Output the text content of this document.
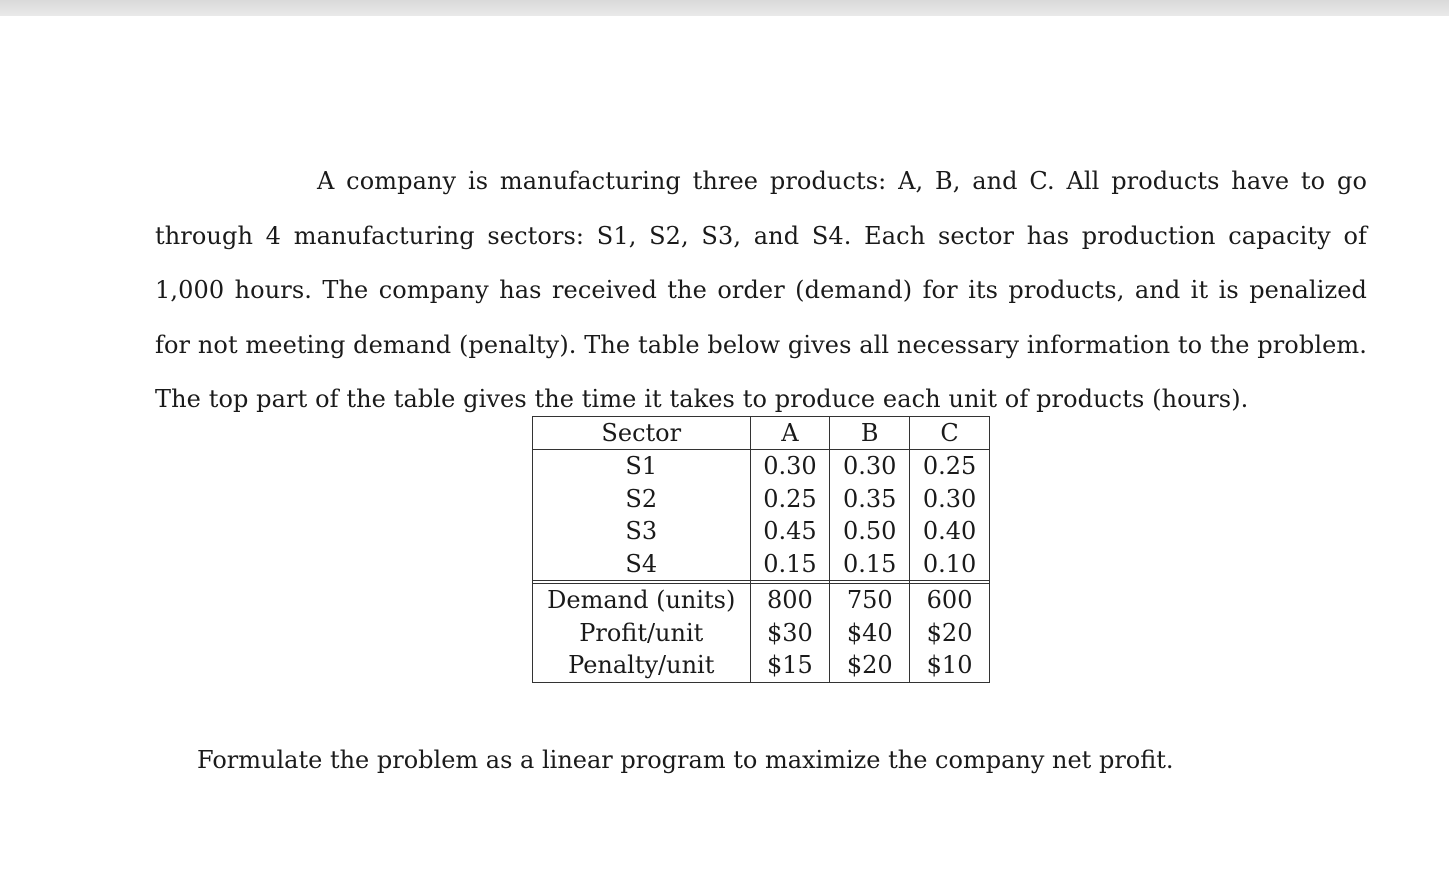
A company is manufacturing three products: A, B, and C. All products have to go through 4 manufacturing sectors: S1, S2, S3, and S4. Each sector has production capacity of 1,000 hours. The company has received the order (demand) for its products, and it is penalized for not meeting demand (penalty). The table below gives all necessary information to the problem. The top part of the table gives the time it takes to produce each unit of products (hours).

Sector	A	B	C
S1	0.30	0.30	0.25
S2	0.25	0.35	0.30
S3	0.45	0.50	0.40
S4	0.15	0.15	0.10

Demand (units)	800	750	600
Profit/unit	$30	$40	$20
Penalty/unit	$15	$20	$10
Formulate the problem as a linear program to maximize the company net profit.
